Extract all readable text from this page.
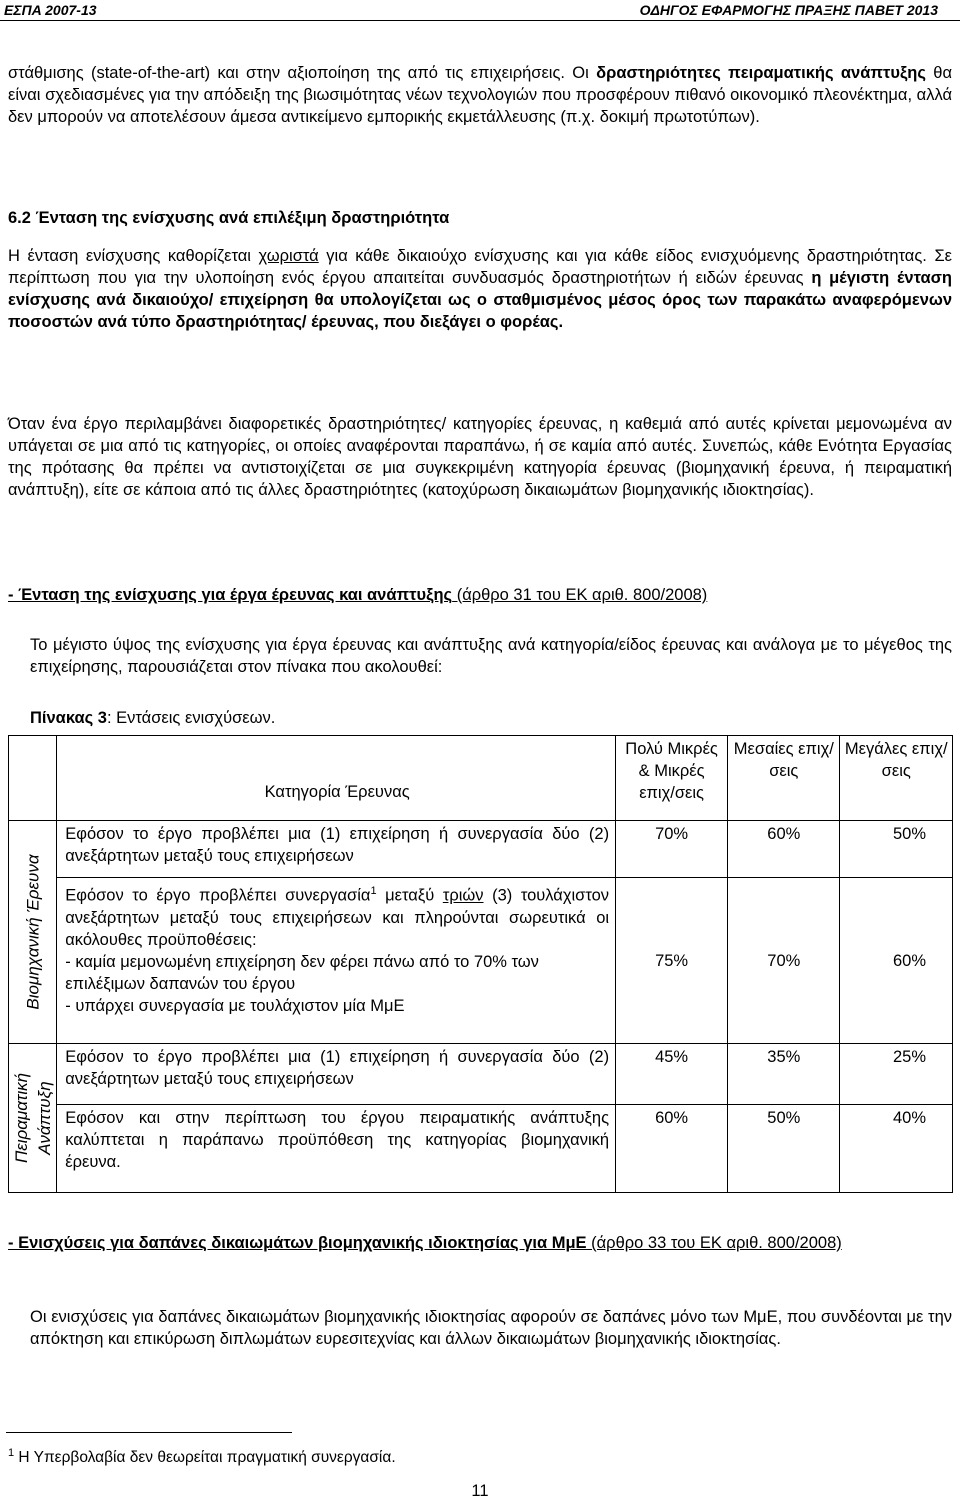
ΕΣΠΑ 2007-13	ΟΔΗΓΟΣ ΕΦΑΡΜΟΓΗΣ ΠΡΑΞΗΣ ΠΑΒΕΤ 2013
στάθμισης (state-of-the-art) και στην αξιοποίηση της από τις επιχειρήσεις. Οι δραστηριότητες πειραματικής ανάπτυξης θα είναι σχεδιασμένες για την απόδειξη της βιωσιμότητας νέων τεχνολογιών που προσφέρουν πιθανό οικονομικό πλεονέκτημα, αλλά δεν μπορούν να αποτελέσουν άμεσα αντικείμενο εμπορικής εκμετάλλευσης (π.χ. δοκιμή πρωτοτύπων).
6.2 Ένταση της ενίσχυσης ανά επιλέξιμη δραστηριότητα
Η ένταση ενίσχυσης καθορίζεται χωριστά για κάθε δικαιούχο ενίσχυσης και για κάθε είδος ενισχυόμενης δραστηριότητας. Σε περίπτωση που για την υλοποίηση ενός έργου απαιτείται συνδυασμός δραστηριοτήτων ή ειδών έρευνας η μέγιστη ένταση ενίσχυσης ανά δικαιούχο/ επιχείρηση θα υπολογίζεται ως ο σταθμισμένος μέσος όρος των παρακάτω αναφερόμενων ποσοστών ανά τύπο δραστηριότητας/ έρευνας, που διεξάγει ο φορέας.
Όταν ένα έργο περιλαμβάνει διαφορετικές δραστηριότητες/ κατηγορίες έρευνας, η καθεμιά από αυτές κρίνεται μεμονωμένα αν υπάγεται σε μια από τις κατηγορίες, οι οποίες αναφέρονται παραπάνω, ή σε καμία από αυτές. Συνεπώς, κάθε Ενότητα Εργασίας της πρότασης θα πρέπει να αντιστοιχίζεται σε μια συγκεκριμένη κατηγορία έρευνας (βιομηχανική έρευνα, ή πειραματική ανάπτυξη), είτε σε κάποια από τις άλλες δραστηριότητες (κατοχύρωση δικαιωμάτων βιομηχανικής ιδιοκτησίας).
- Ένταση της ενίσχυσης για έργα έρευνας και ανάπτυξης (άρθρο 31 του ΕΚ αριθ. 800/2008)
Το μέγιστο ύψος της ενίσχυσης για έργα έρευνας και ανάπτυξης ανά κατηγορία/είδος έρευνας και ανάλογα με το μέγεθος της επιχείρησης, παρουσιάζεται στον πίνακα που ακολουθεί:
Πίνακας 3: Εντάσεις ενισχύσεων.
	Κατηγορία Έρευνας	Πολύ Μικρές & Μικρές επιχ/σεις	Μεσαίες επιχ/σεις	Μεγάλες επιχ/σεις

Βιομηχανική Έρευνα	Εφόσον το έργο προβλέπει μια (1) επιχείρηση ή συνεργασία δύο (2) ανεξάρτητων μεταξύ τους επιχειρήσεων	70%	60%	50%

	Εφόσον το έργο προβλέπει συνεργασία$^1$ μεταξύ τριών (3) τουλάχιστον ανεξάρτητων μεταξύ τους επιχειρήσεων και πληρούνται σωρευτικά οι ακόλουθες προϋποθέσεις:
- καμία μεμονωμένη επιχείρηση δεν φέρει πάνω από το 70% των επιλέξιμων δαπανών του έργου
- υπάρχει συνεργασία με τουλάχιστον μία ΜμΕ	75%	70%	60%

Πειραματική Ανάπτυξη	Εφόσον το έργο προβλέπει μια (1) επιχείρηση ή συνεργασία δύο (2) ανεξάρτητων μεταξύ τους επιχειρήσεων	45%	35%	25%
	Εφόσον και στην περίπτωση του έργου πειραματικής ανάπτυξης καλύπτεται η παράπανω προϋπόθεση της κατηγορίας βιομηχανική έρευνα.	60%	50%	40%
- Ενισχύσεις για δαπάνες δικαιωμάτων βιομηχανικής ιδιοκτησίας για ΜμΕ (άρθρο 33 του ΕΚ αριθ. 800/2008)
Οι ενισχύσεις για δαπάνες δικαιωμάτων βιομηχανικής ιδιοκτησίας αφορούν σε δαπάνες μόνο των ΜμΕ, που συνδέονται με την απόκτηση και επικύρωση διπλωμάτων ευρεσιτεχνίας και άλλων δικαιωμάτων βιομηχανικής ιδιοκτησίας.
$^1$ Η Υπερβολαβία δεν θεωρείται πραγματική συνεργασία.
11
